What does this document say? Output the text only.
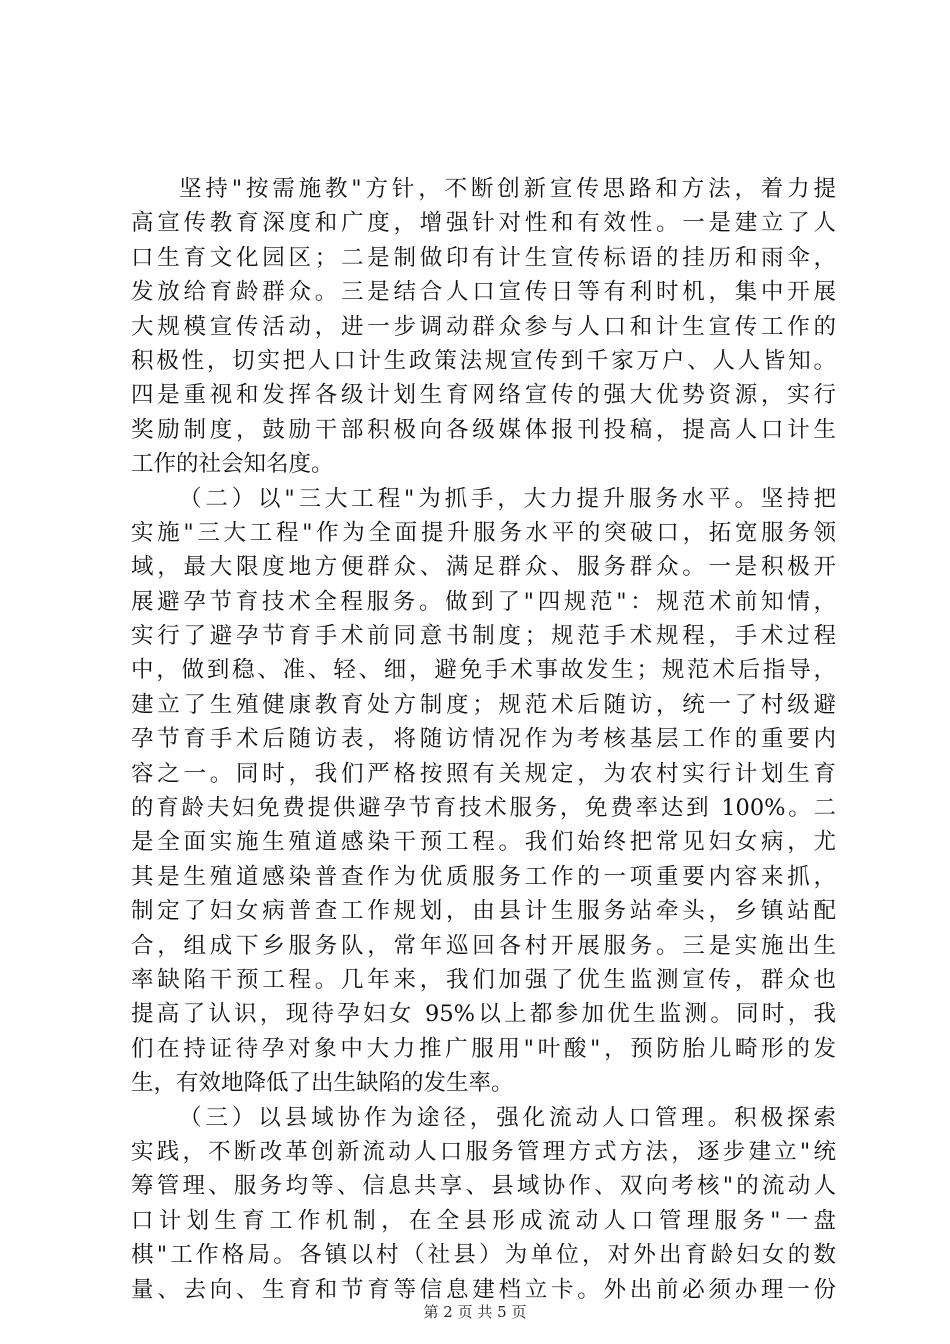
坚持"按需施教"方针，不断创新宣传思路和方法，着力提
高宣传教育深度和广度，增强针对性和有效性。一是建立了人
口生育文化园区；二是制做印有计生宣传标语的挂历和雨伞，
发放给育龄群众。三是结合人口宣传日等有利时机，集中开展
大规模宣传活动，进一步调动群众参与人口和计生宣传工作的
积极性，切实把人口计生政策法规宣传到千家万户、人人皆知。
四是重视和发挥各级计划生育网络宣传的强大优势资源，实行
奖励制度，鼓励干部积极向各级媒体报刊投稿，提高人口计生
工作的社会知名度。
（二）以"三大工程"为抓手，大力提升服务水平。坚持把
实施"三大工程"作为全面提升服务水平的突破口，拓宽服务领
域，最大限度地方便群众、满足群众、服务群众。一是积极开
展避孕节育技术全程服务。做到了"四规范"：规范术前知情，
实行了避孕节育手术前同意书制度；规范手术规程，手术过程
中，做到稳、准、轻、细，避免手术事故发生；规范术后指导，
建立了生殖健康教育处方制度；规范术后随访，统一了村级避
孕节育手术后随访表，将随访情况作为考核基层工作的重要内
容之一。同时，我们严格按照有关规定，为农村实行计划生育
的育龄夫妇免费提供避孕节育技术服务，免费率达到 100%。二
是全面实施生殖道感染干预工程。我们始终把常见妇女病，尤
其是生殖道感染普查作为优质服务工作的一项重要内容来抓，
制定了妇女病普查工作规划，由县计生服务站牵头，乡镇站配
合，组成下乡服务队，常年巡回各村开展服务。三是实施出生
率缺陷干预工程。几年来，我们加强了优生监测宣传，群众也
提高了认识，现待孕妇女 95%以上都参加优生监测。同时，我
们在持证待孕对象中大力推广服用"叶酸"，预防胎儿畸形的发
生，有效地降低了出生缺陷的发生率。
（三）以县域协作为途径，强化流动人口管理。积极探索
实践，不断改革创新流动人口服务管理方式方法，逐步建立"统
筹管理、服务均等、信息共享、县域协作、双向考核"的流动人
口计划生育工作机制，在全县形成流动人口管理服务"一盘
棋"工作格局。各镇以村（社县）为单位，对外出育龄妇女的数
量、去向、生育和节育等信息建档立卡。外出前必须办理一份
第 2 页 共 5 页
